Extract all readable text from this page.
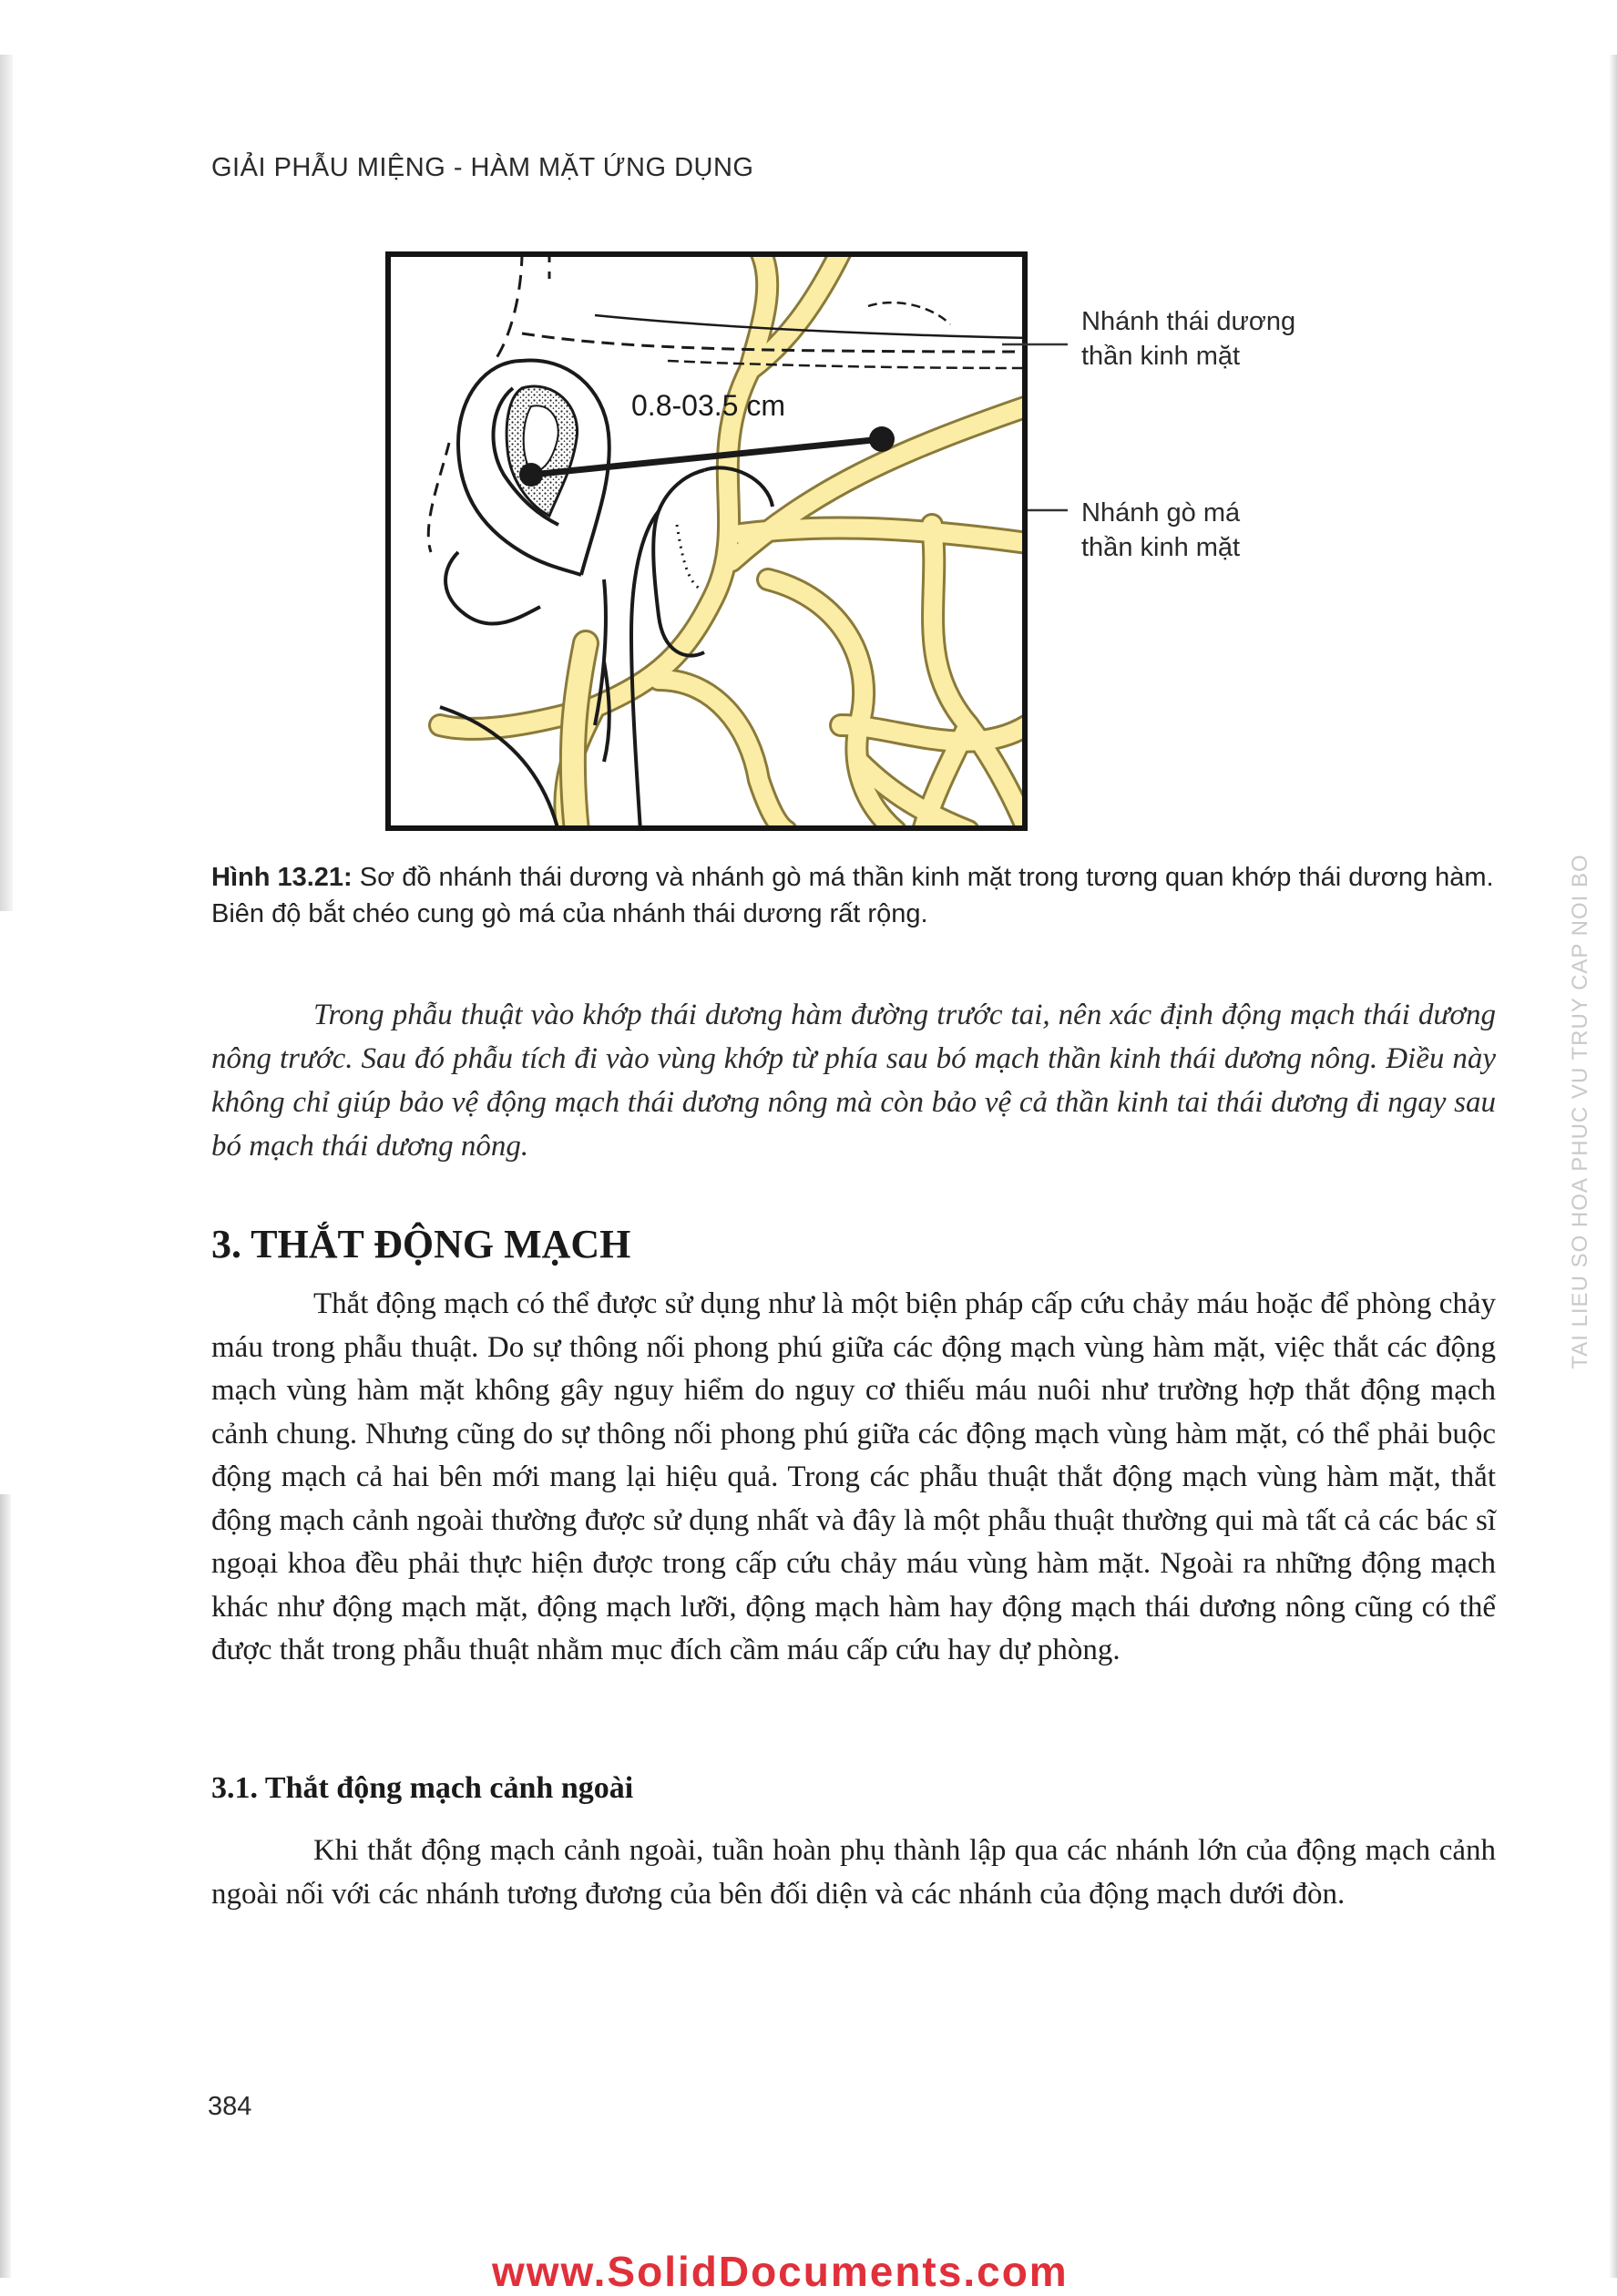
GIẢI PHẪU MIỆNG - HÀM MẶT ỨNG DỤNG
0.8-03.5 cm
Nhánh thái dương
thần kinh mặt
Nhánh gò má
thần kinh mặt
Hình 13.21: Sơ đồ nhánh thái dương và nhánh gò má thần kinh mặt trong tương quan khớp thái dương hàm. Biên độ bắt chéo cung gò má của nhánh thái dương rất rộng.
Trong phẫu thuật vào khớp thái dương hàm đường trước tai, nên xác định động mạch thái dương nông trước. Sau đó phẫu tích đi vào vùng khớp từ phía sau bó mạch thần kinh thái dương nông. Điều này không chỉ giúp bảo vệ động mạch thái dương nông mà còn bảo vệ cả thần kinh tai thái dương đi ngay sau bó mạch thái dương nông.
3. THẮT ĐỘNG MẠCH
Thắt động mạch có thể được sử dụng như là một biện pháp cấp cứu chảy máu hoặc để phòng chảy máu trong phẫu thuật. Do sự thông nối phong phú giữa các động mạch vùng hàm mặt, việc thắt các động mạch vùng hàm mặt không gây nguy hiểm do nguy cơ thiếu máu nuôi như trường hợp thắt động mạch cảnh chung. Nhưng cũng do sự thông nối phong phú giữa các động mạch vùng hàm mặt, có thể phải buộc động mạch cả hai bên mới mang lại hiệu quả. Trong các phẫu thuật thắt động mạch vùng hàm mặt, thắt động mạch cảnh ngoài thường được sử dụng nhất và đây là một phẫu thuật thường qui mà tất cả các bác sĩ ngoại khoa đều phải thực hiện được trong cấp cứu chảy máu vùng hàm mặt. Ngoài ra những động mạch khác như động mạch mặt, động mạch lưỡi, động mạch hàm hay động mạch thái dương nông cũng có thể được thắt trong phẫu thuật nhằm mục đích cầm máu cấp cứu hay dự phòng.
3.1. Thắt động mạch cảnh ngoài
Khi thắt động mạch cảnh ngoài, tuần hoàn phụ thành lập qua các nhánh lớn của động mạch cảnh ngoài nối với các nhánh tương đương của bên đối diện và các nhánh của động mạch dưới đòn.
384
TAI LIEU SO HOA PHUC VU TRUY CAP NOI BO
www.SolidDocuments.com
